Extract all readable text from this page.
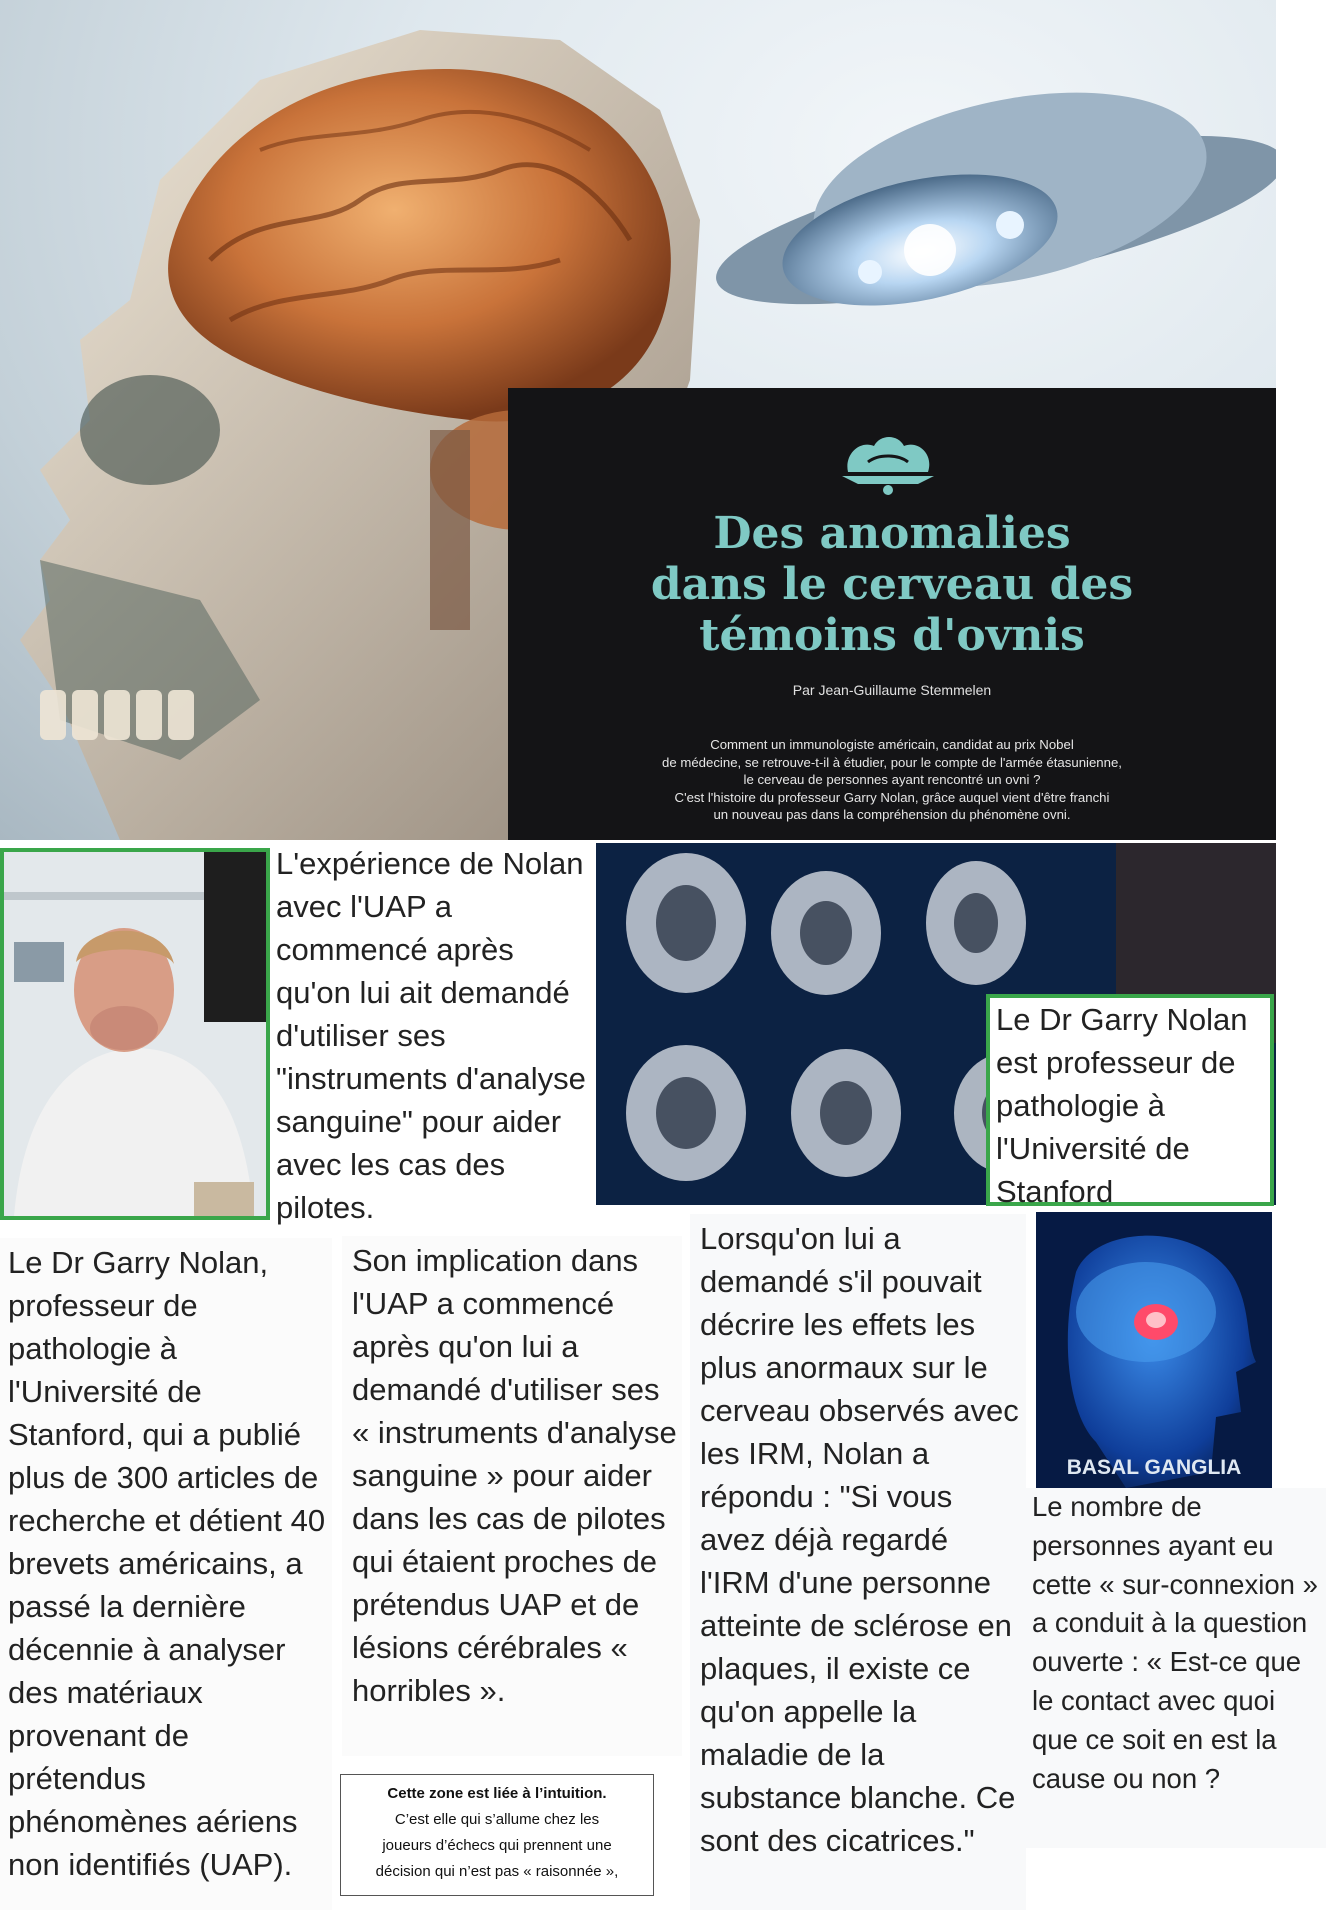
Des anomalies
dans le cerveau des
témoins d'ovnis
Par Jean-Guillaume Stemmelen
Comment un immunologiste américain, candidat au prix Nobel
de médecine, se retrouve-t-il à étudier, pour le compte de l'armée étasunienne,
le cerveau de personnes ayant rencontré un ovni ?
C'est l'histoire du professeur Garry Nolan, grâce auquel vient d'être franchi
un nouveau pas dans la compréhension du phénomène ovni.
L'expérience de Nolan avec l'UAP a commencé après qu'on lui ait demandé d'utiliser ses "instruments d'analyse sanguine" pour aider avec les cas des pilotes.
Le Dr Garry Nolan est professeur de pathologie à l'Université de Stanford
BASAL GANGLIA
Le Dr Garry Nolan, professeur de pathologie à l'Université de Stanford, qui a publié plus de 300 articles de recherche et détient 40 brevets américains, a passé la dernière décennie à analyser des matériaux provenant de prétendus phénomènes aériens non identifiés (UAP).
Son implication dans l'UAP a commencé après qu'on lui a demandé d'utiliser ses « instruments d'analyse sanguine » pour aider dans les cas de pilotes qui étaient proches de prétendus UAP et de lésions cérébrales « horribles ».
Lorsqu'on lui a demandé s'il pouvait décrire les effets les plus anormaux sur le cerveau observés avec les IRM, Nolan a répondu : "Si vous avez déjà regardé l'IRM d'une personne atteinte de sclérose en plaques, il existe ce qu'on appelle la maladie de la substance blanche. Ce sont des cicatrices."
Le nombre de personnes ayant eu cette « sur-connexion » a conduit à la question ouverte : « Est-ce que le contact avec quoi que ce soit en est la cause ou non ?
Cette zone est liée à l’intuition.
C’est elle qui s’allume chez les
joueurs d’échecs qui prennent une
décision qui n’est pas « raisonnée »,
